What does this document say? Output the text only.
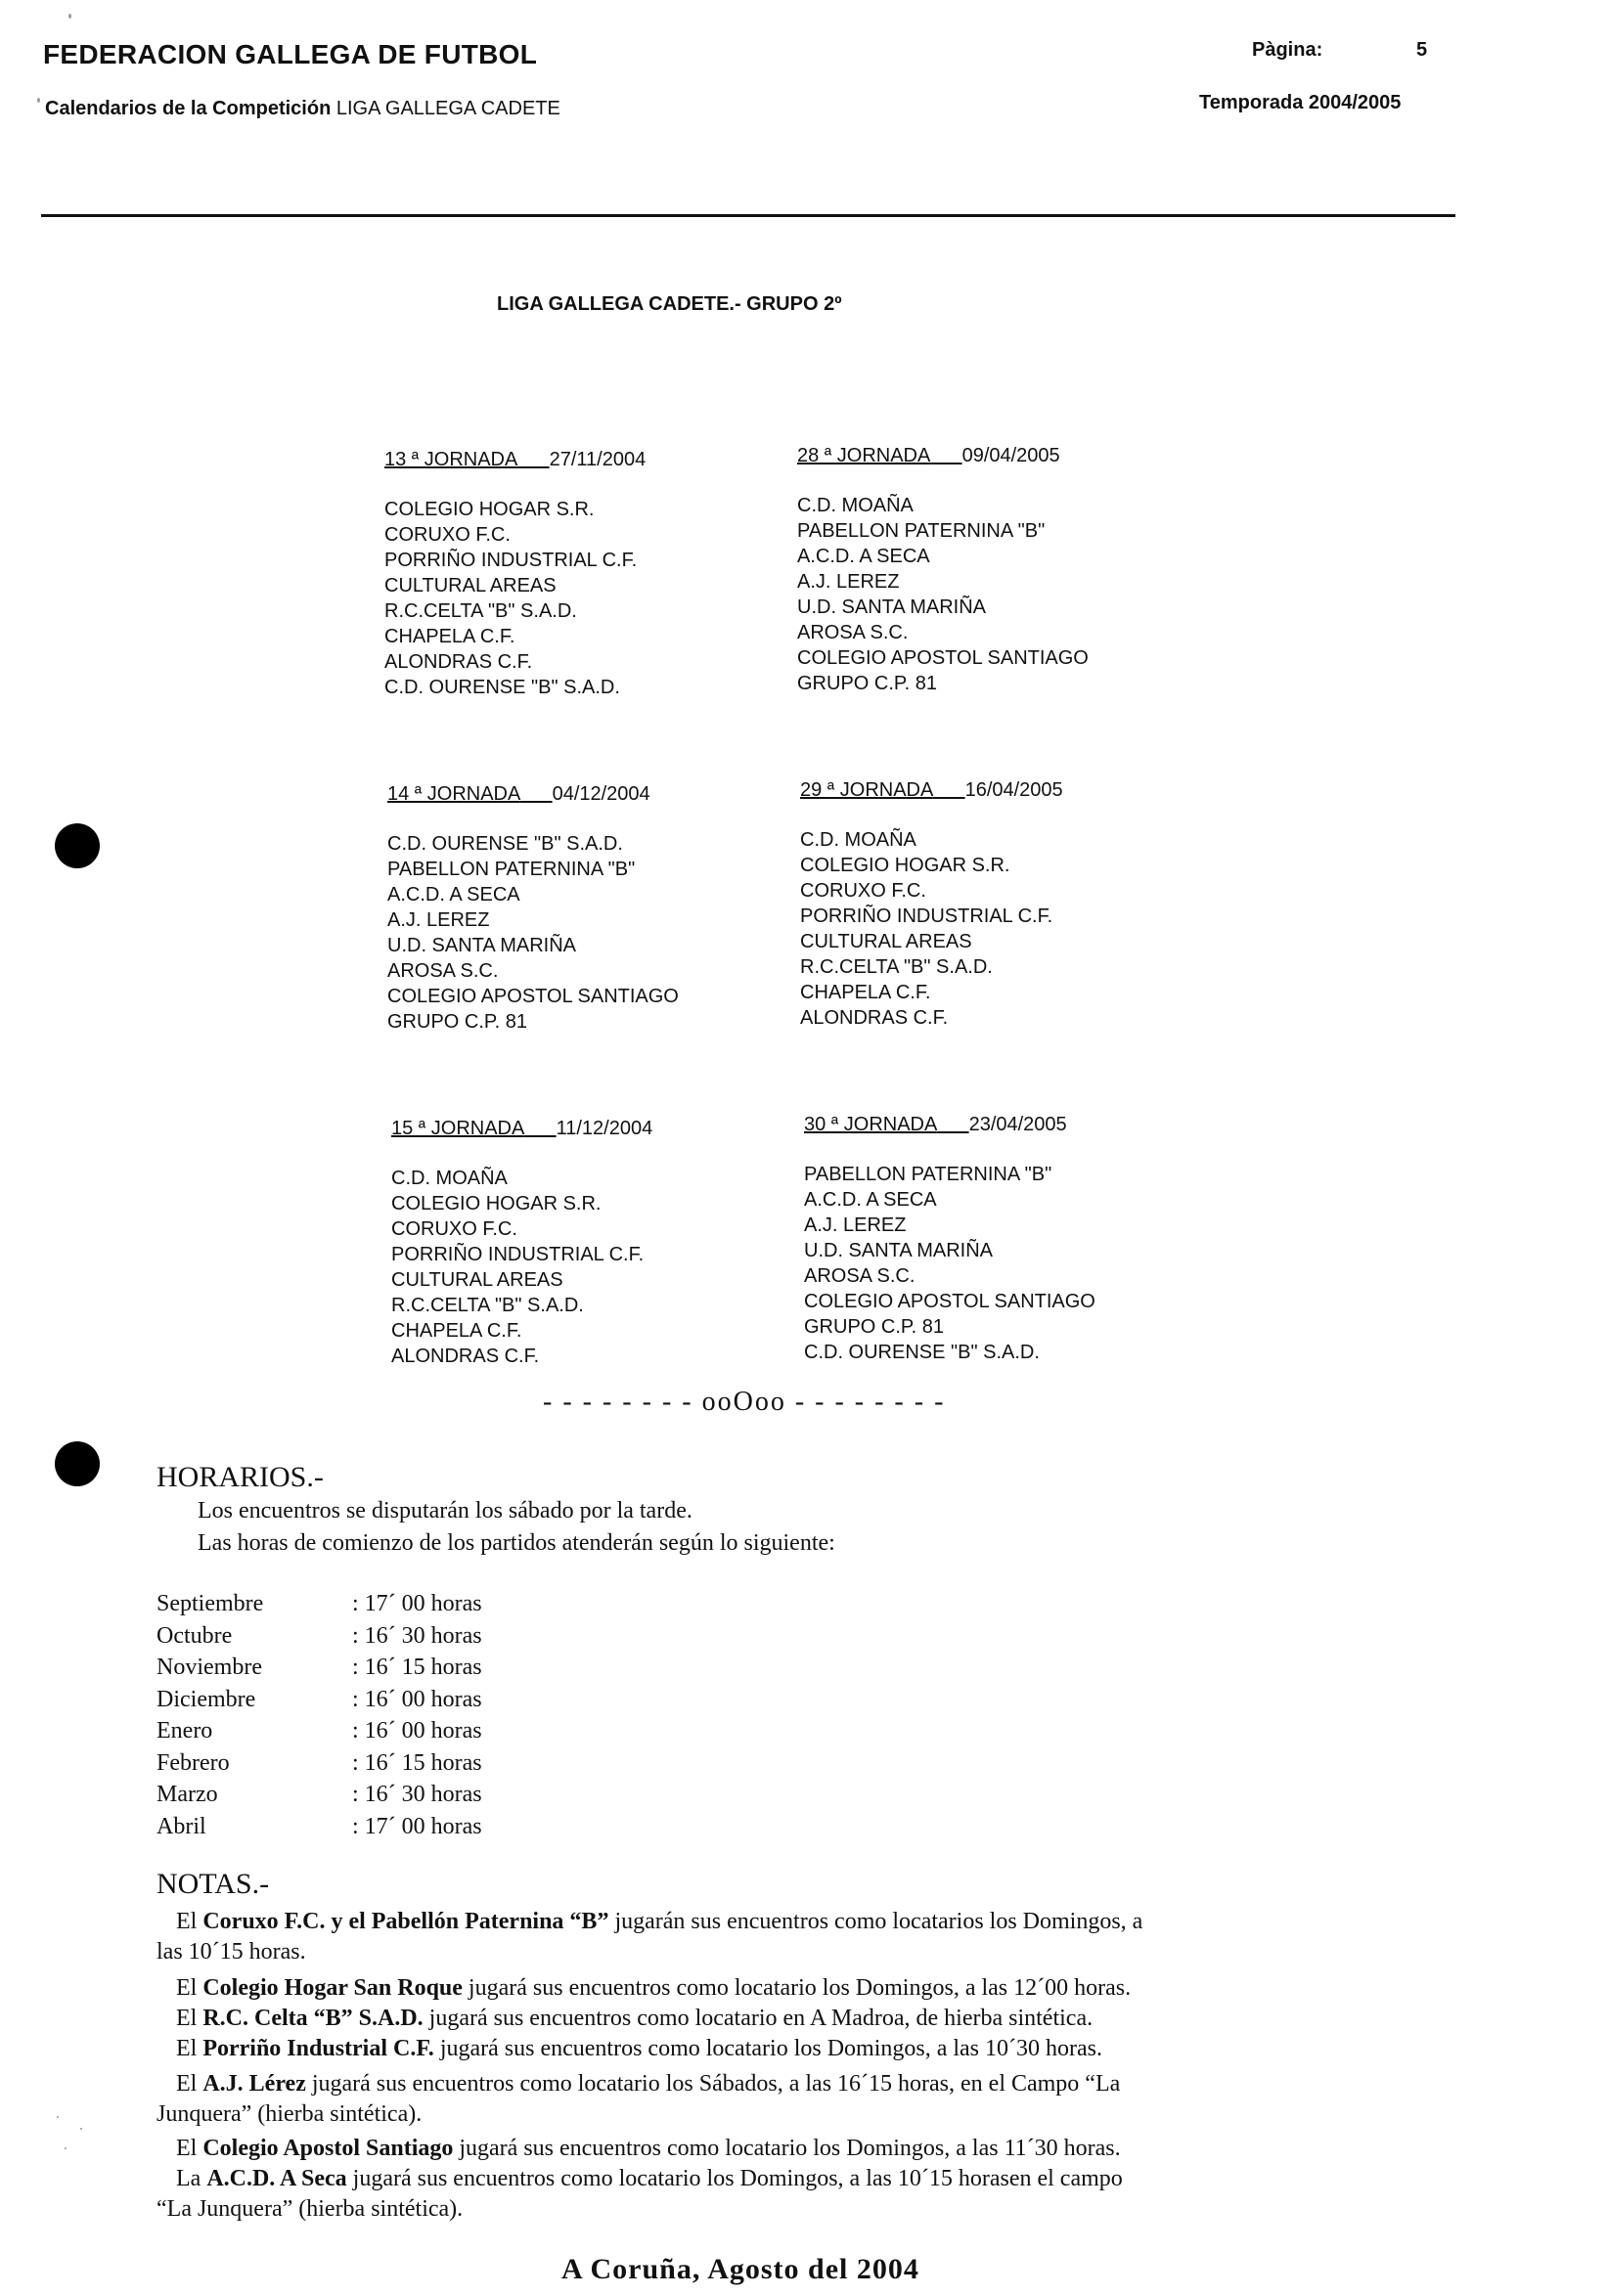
FEDERACION GALLEGA DE FUTBOL	Pàgina:	5
Calendarios de la Competición LIGA GALLEGA CADETE	Temporada 2004/2005
LIGA GALLEGA CADETE.- GRUPO 2º
13 ª JORNADA 27/11/2004
COLEGIO HOGAR S.R.
CORUXO F.C.
PORRIÑO INDUSTRIAL C.F.
CULTURAL AREAS
R.C.CELTA "B" S.A.D.
CHAPELA C.F.
ALONDRAS C.F.
C.D. OURENSE "B" S.A.D.
28 ª JORNADA 09/04/2005
C.D. MOAÑA
PABELLON PATERNINA "B"
A.C.D. A SECA
A.J. LEREZ
U.D. SANTA MARIÑA
AROSA S.C.
COLEGIO APOSTOL SANTIAGO
GRUPO C.P. 81
14 ª JORNADA 04/12/2004
C.D. OURENSE "B" S.A.D.
PABELLON PATERNINA "B"
A.C.D. A SECA
A.J. LEREZ
U.D. SANTA MARIÑA
AROSA S.C.
COLEGIO APOSTOL SANTIAGO
GRUPO C.P. 81
29 ª JORNADA 16/04/2005
C.D. MOAÑA
COLEGIO HOGAR S.R.
CORUXO F.C.
PORRIÑO INDUSTRIAL C.F.
CULTURAL AREAS
R.C.CELTA "B" S.A.D.
CHAPELA C.F.
ALONDRAS C.F.
15 ª JORNADA 11/12/2004
C.D. MOAÑA
COLEGIO HOGAR S.R.
CORUXO F.C.
PORRIÑO INDUSTRIAL C.F.
CULTURAL AREAS
R.C.CELTA "B" S.A.D.
CHAPELA C.F.
ALONDRAS C.F.
30 ª JORNADA 23/04/2005
PABELLON PATERNINA "B"
A.C.D. A SECA
A.J. LEREZ
U.D. SANTA MARIÑA
AROSA S.C.
COLEGIO APOSTOL SANTIAGO
GRUPO C.P. 81
C.D. OURENSE "B" S.A.D.
- - - - - - - - ooOoo - - - - - - - -
HORARIOS.-
Los encuentros se disputarán los sábado por la tarde.
Las horas de comienzo de los partidos atenderán según lo siguiente:
Septiembre	: 17´ 00 horas
Octubre	: 16´ 30 horas
Noviembre	: 16´ 15 horas
Diciembre	: 16´ 00 horas
Enero	: 16´ 00 horas
Febrero	: 16´ 15 horas
Marzo	: 16´ 30 horas
Abril	: 17´ 00 horas
NOTAS.-
El Coruxo F.C. y el Pabellón Paternina “B” jugarán sus encuentros como locatarios los Domingos, a
las 10´15 horas.
El Colegio Hogar San Roque jugará sus encuentros como locatario los Domingos, a las 12´00 horas.
El R.C. Celta “B” S.A.D. jugará sus encuentros como locatario en A Madroa, de hierba sintética.
El Porriño Industrial C.F. jugará sus encuentros como locatario los Domingos, a las 10´30 horas.
El A.J. Lérez jugará sus encuentros como locatario los Sábados, a las 16´15 horas, en el Campo “La
Junquera” (hierba sintética).
El Colegio Apostol Santiago jugará sus encuentros como locatario los Domingos, a las 11´30 horas.
La A.C.D. A Seca jugará sus encuentros como locatario los Domingos, a las 10´15 horasen el campo
“La Junquera” (hierba sintética).
A Coruña, Agosto del 2004
